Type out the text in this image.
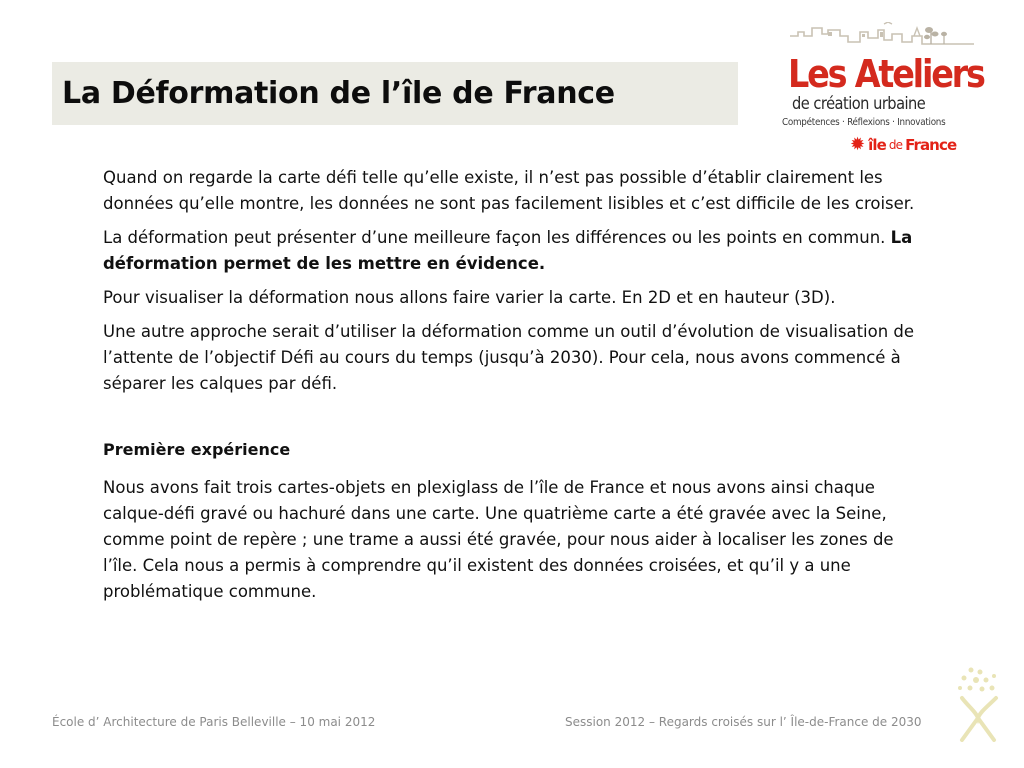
La Déformation de l’île de France	Les Ateliers
de création urbaine
Compétences · Réflexions · Innovations
✹ île de France

Quand on regarde la carte défi telle qu’elle existe, il n’est pas possible d’établir clairement les données qu’elle montre, les données ne sont pas facilement lisibles et c’est difficile de les croiser.

La déformation peut présenter d’une meilleure façon les différences ou les points en commun. La déformation permet de les mettre en évidence.

Pour visualiser la déformation nous allons faire varier la carte. En 2D et en hauteur (3D).

Une autre approche serait d’utiliser la déformation comme un outil d’évolution de visualisation de l’attente de l’objectif Défi au cours du temps (jusqu’à 2030). Pour cela, nous avons commencé à séparer les calques par défi.

Première expérience

Nous avons fait trois cartes-objets en plexiglass de l’île de France et nous avons ainsi chaque calque-défi gravé ou hachuré dans une carte. Une quatrième carte a été gravée avec la Seine, comme point de repère ; une trame a aussi été gravée, pour nous aider à localiser les zones de l’île. Cela nous a permis à comprendre qu’il existent des données croisées, et qu’il y a une problématique commune.

École d’ Architecture de Paris Belleville – 10 mai 2012	Session 2012 – Regards croisés sur l’ Île-de-France de 2030
